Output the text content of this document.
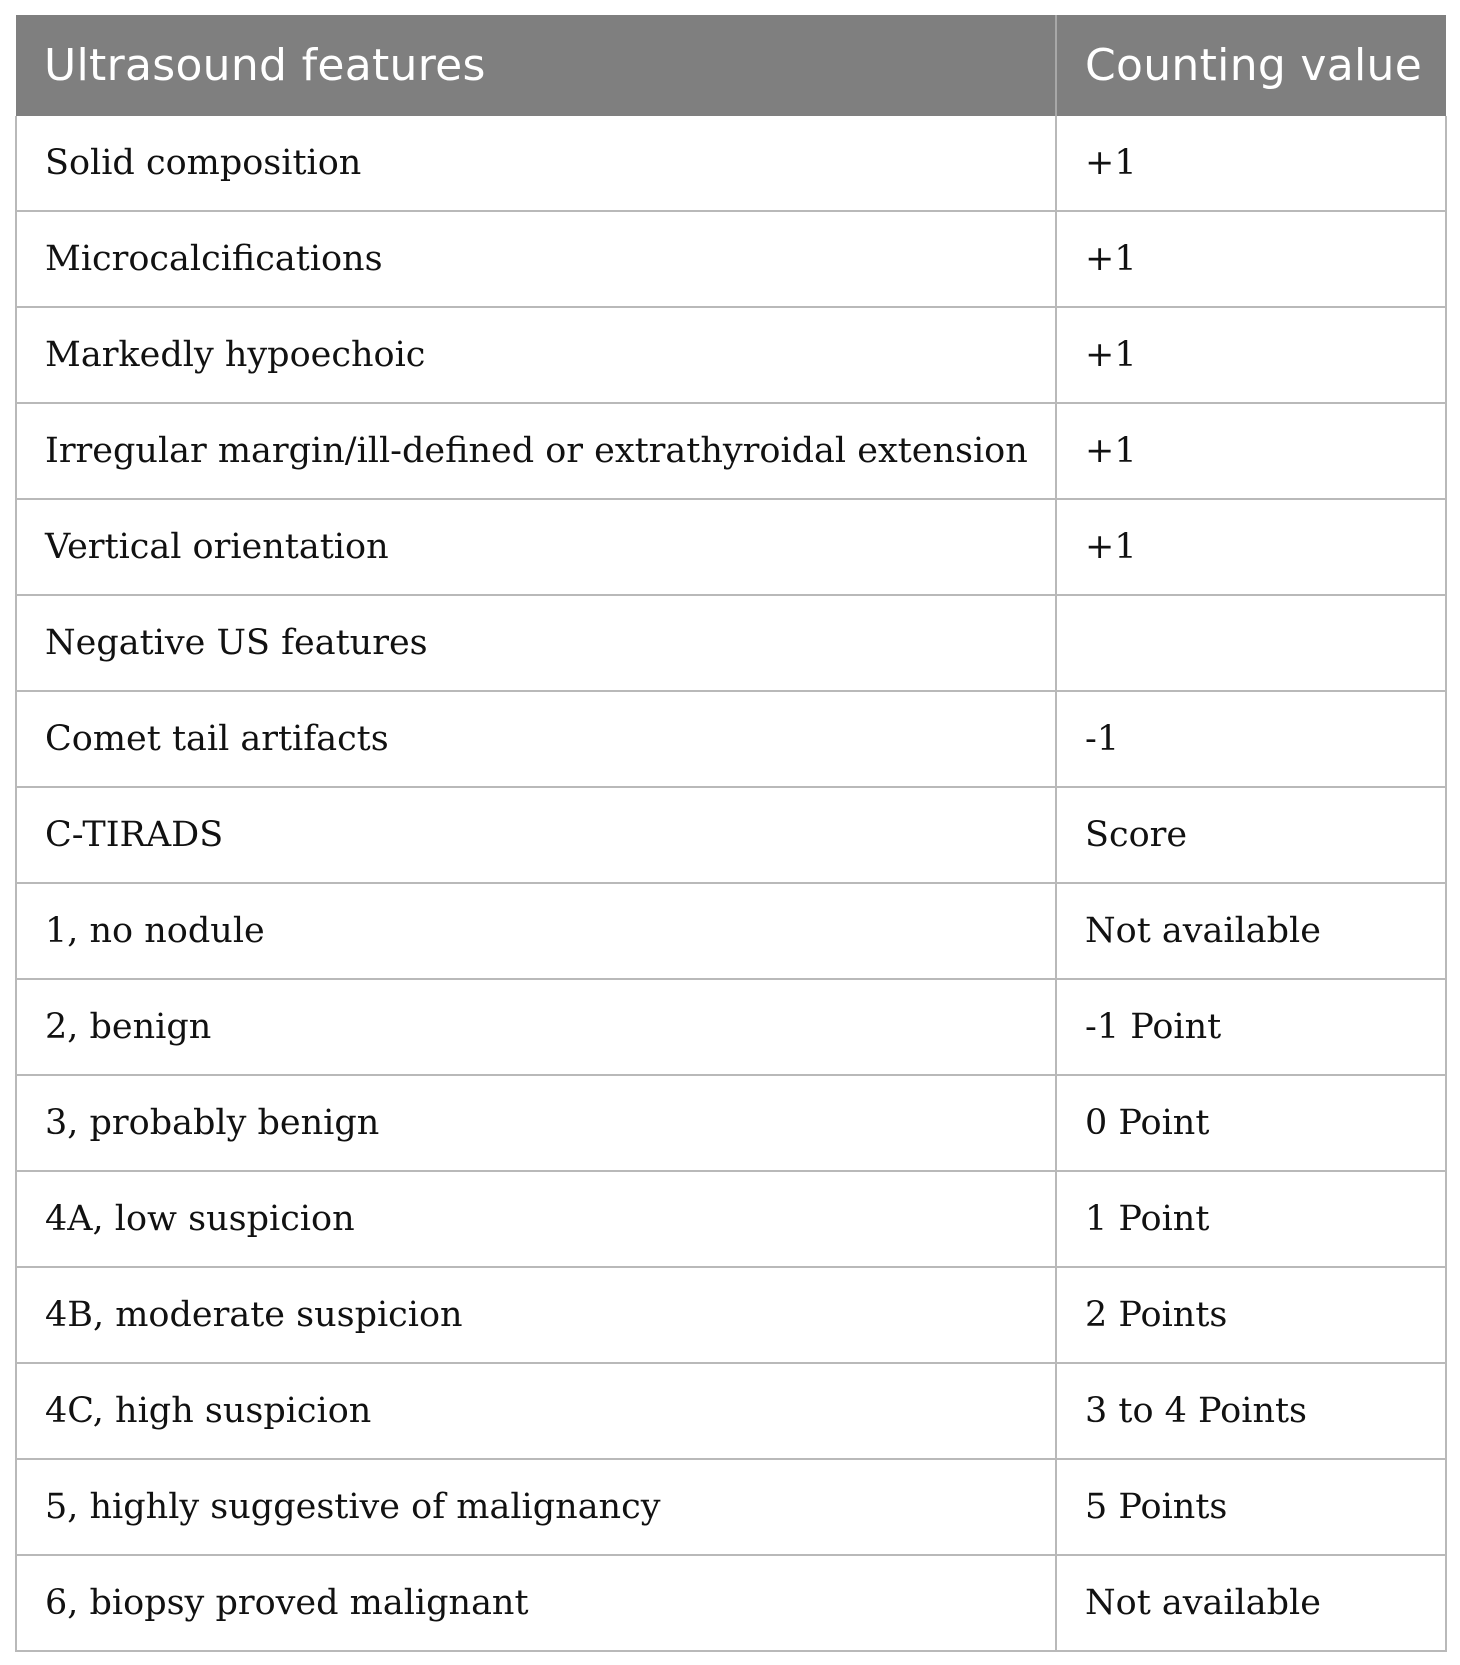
Ultrasound features	Counting value
Solid composition	+1
Microcalcifications	+1
Markedly hypoechoic	+1
Irregular margin/ill-defined or extrathyroidal extension	+1
Vertical orientation	+1
Negative US features	
Comet tail artifacts	-1
C-TIRADS	Score
1, no nodule	Not available
2, benign	-1 Point
3, probably benign	0 Point
4A, low suspicion	1 Point
4B, moderate suspicion	2 Points
4C, high suspicion	3 to 4 Points
5, highly suggestive of malignancy	5 Points
6, biopsy proved malignant	Not available
